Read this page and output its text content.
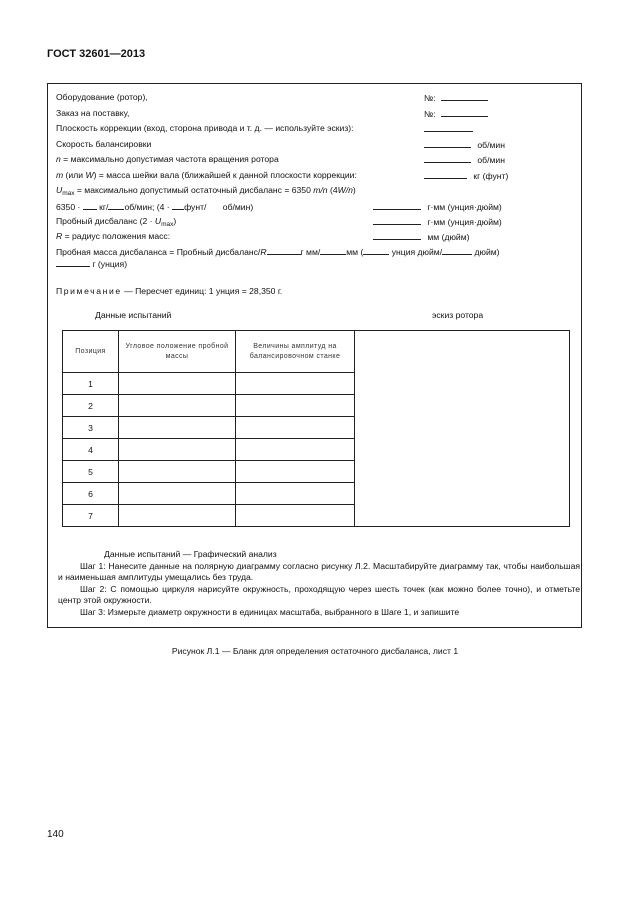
ГОСТ 32601—2013
Оборудование (ротор),	№:
Заказ на поставку,	№:
Плоскость коррекции (вход, сторона привода и т. д. — используйте эскиз):
Скорость балансировки	об/мин
n = максимально допустимая частота вращения ротора	об/мин
m (или W) = масса шейки вала (ближайшей к данной плоскости коррекции:	кг (фунт)
$U_{max}$ = максимально допустимый остаточный дисбаланс = 6350 m/n (4W/n)
6350 · кг/ об/мин; (4 · фунт/ об/мин)	г·мм (унция·дюйм)
Пробный дисбаланс $(2 \cdot U_{max})$	г·мм (унция·дюйм)
R = радиус положения масс:	мм (дюйм)
Пробная масса дисбаланса = Пробный дисбаланс/R	г мм/	мм (	унция дюйм/	дюйм)
г (унция)
Примечание — Пересчет единиц: 1 унция = 28,350 г.
Данные испытаний	эскиз ротора
Позиция	Угловое положение пробной массы	Величины амплитуд на балансировочном станке	
1			
2			
3			
4			
5			
6			
7			

Данные испытаний — Графический анализ

Шаг 1: Нанесите данные на полярную диаграмму согласно рисунку Л.2. Масштабируйте диаграмму так, чтобы наибольшая и наименьшая амплитуды умещались без труда.

Шаг 2: С помощью циркуля нарисуйте окружность, проходящую через шесть точек (как можно более точно), и отметьте центр этой окружности.

Шаг 3: Измерьте диаметр окружности в единицах масштаба, выбранного в Шаге 1, и запишите

Рисунок Л.1 — Бланк для определения остаточного дисбаланса, лист 1
140
